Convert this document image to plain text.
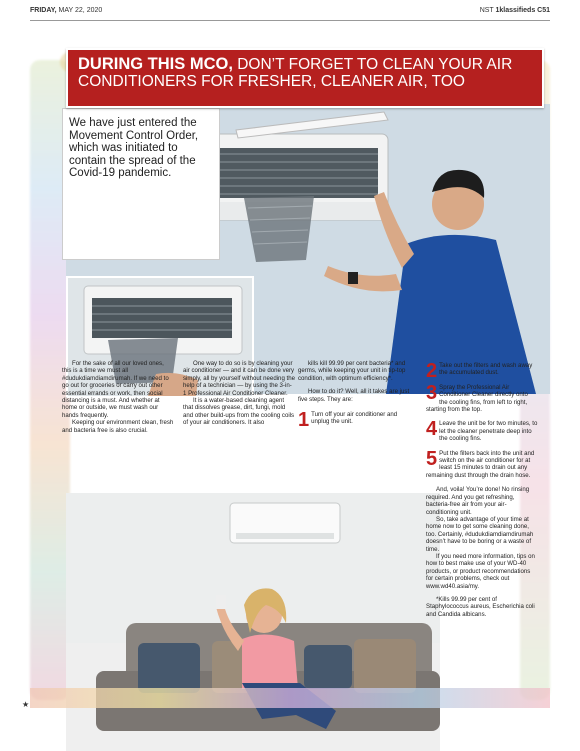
FRIDAY, MAY 22, 2020	NST 1klassifieds C51
We have just entered the Movement Control Order, which was initiated to contain the spread of the Covid-19 pandemic.
DURING THIS MCO, DON’T FORGET TO CLEAN YOUR AIR
CONDITIONERS FOR FRESHER, CLEANER AIR, TOO

For the sake of all our loved ones, this is a time we must all #dudukdiamdiamdirumah. If we need to go out for groceries or carry out other essential errands or work, then social distancing is a must. And whether at home or outside, we must wash our hands frequently.

Keeping our environment clean, fresh and bacteria free is also crucial.

One way to do so is by cleaning your air conditioner — and it can be done very simply, all by yourself without needing the help of a technician — by using the 3-in-1 Professional Air Conditioner Cleaner.

It is a water-based cleaning agent that dissolves grease, dirt, fungi, mold and other build-ups from the cooling coils of your air conditioners. It also

kills kill 99.99 per cent bacteria* and germs, while keeping your unit in tip-top condition, with optimum efficiency*.

How to do it? Well, all it takes are just five steps. They are:

1 Turn off your air conditioner and unplug the unit.
2 Take out the filters and wash away the accumulated dust.
3 Spray the Professional Air Conditioner Cleaner directly onto the cooling fins, from left to right, starting from the top.
4 Leave the unit be for two minutes, to let the cleaner penetrate deep into the cooling fins.
5 Put the filters back into the unit and switch on the air conditioner for at least 15 minutes to drain out any remaining dust through the drain hose.

And, voila! You’re done! No rinsing required. And you get refreshing, bacteria-free air from your air-conditioning unit.

So, take advantage of your time at home now to get some cleaning done, too. Certainly, #dudukdiamdiamdirumah doesn’t have to be boring or a waste of time.

If you need more information, tips on how to best make use of your WD-40 products, or product recommendations for certain problems, check out www.wd40.asia/my.

*Kills 99.99 per cent of Staphylococcus aureus, Escherichia coli and Candida albicans.

★
